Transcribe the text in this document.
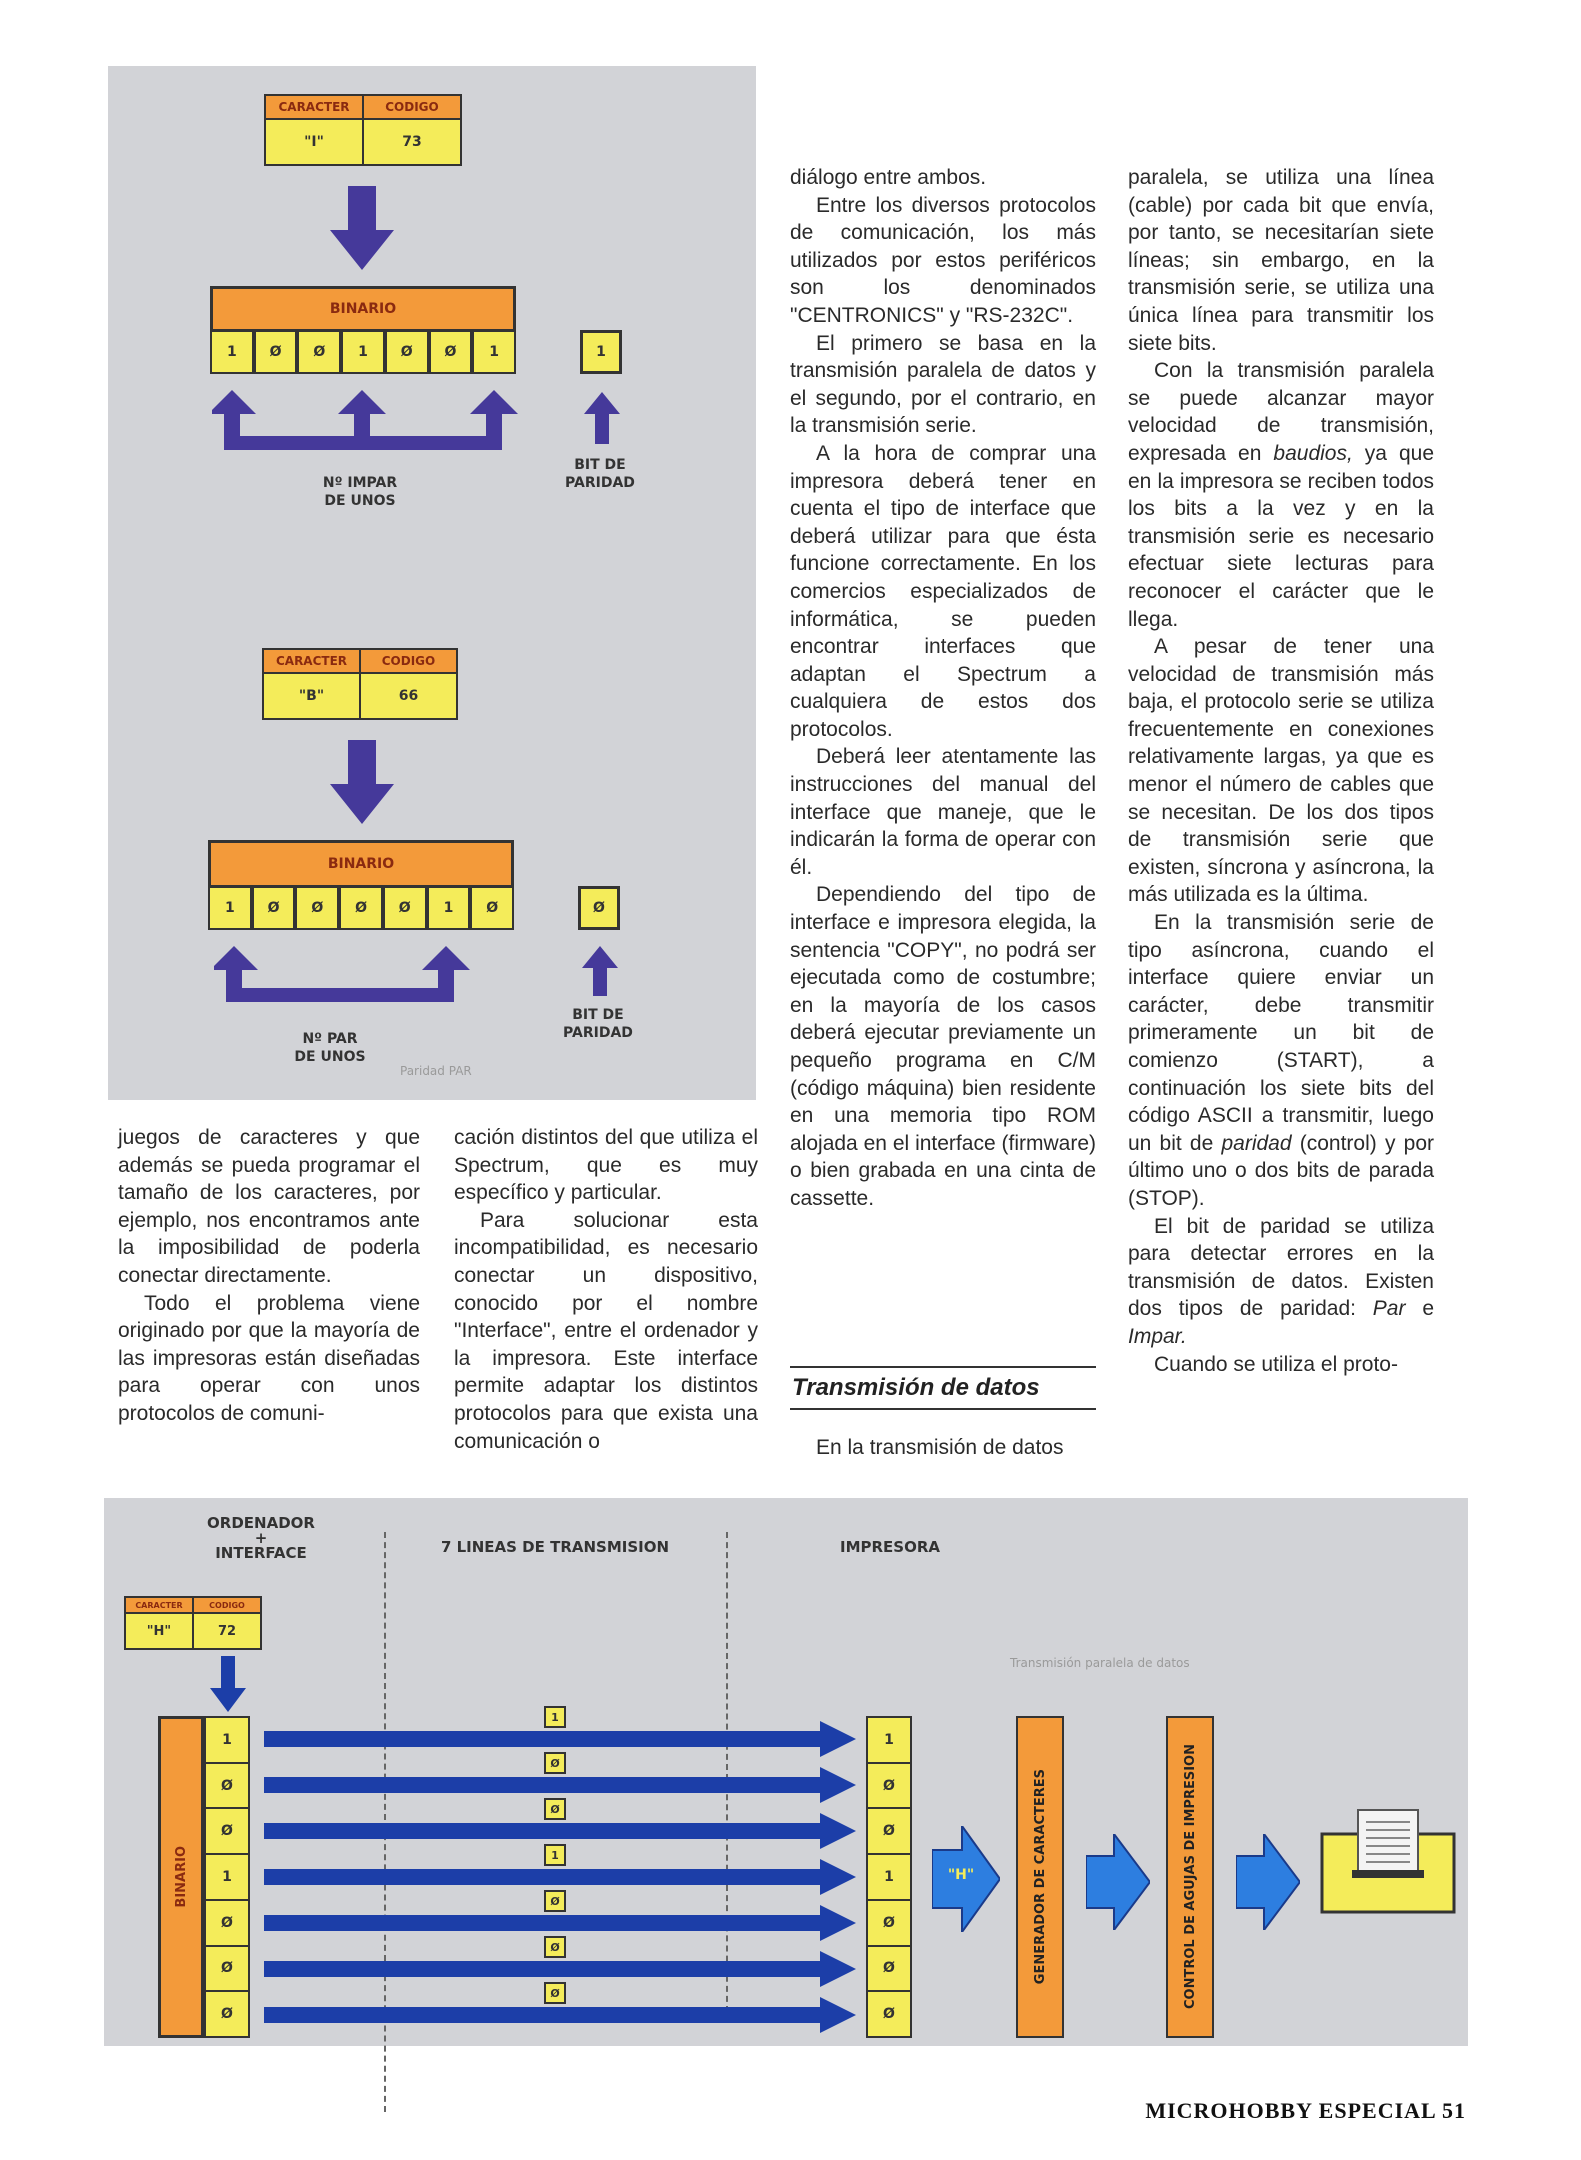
CARACTER	CODIGO
"I"	73
BINARIO
1	Ø	Ø	1	Ø	Ø	1	1
BIT DE
PARIDAD
Nº IMPAR
DE UNOS
CARACTER	CODIGO
"B"	66
BINARIO
1	Ø	Ø	Ø	Ø	1	Ø	Ø
BIT DE
PARIDAD
Nº PAR
DE UNOS
Paridad PAR

juegos de caracteres y que además se pueda programar el tamaño de los caracteres, por ejemplo, nos encontramos ante la imposibilidad de poderla conectar directamente.

Todo el problema viene originado por que la mayoría de las impresoras están diseñadas para operar con unos protocolos de comuni-

cación distintos del que utiliza el Spectrum, que es muy específico y particular.

Para solucionar esta incompatibilidad, es necesario conectar un dispositivo, conocido por el nombre "Interface", entre el ordenador y la impresora. Este interface permite adaptar los distintos protocolos para que exista una comunicación o

diálogo entre ambos.

Entre los diversos protocolos de comunicación, los más utilizados por estos periféricos son los denominados "CENTRONICS" y "RS-232C".

El primero se basa en la transmisión paralela de datos y el segundo, por el contrario, en la transmisión serie.

A la hora de comprar una impresora deberá tener en cuenta el tipo de interface que deberá utilizar para que ésta funcione correctamente. En los comercios especializados de informática, se pueden encontrar interfaces que adaptan el Spectrum a cualquiera de estos dos protocolos.

Deberá leer atentamente las instrucciones del manual del interface que maneje, que le indicarán la forma de operar con él.

Dependiendo del tipo de interface e impresora elegida, la sentencia "COPY", no podrá ser ejecutada como de costumbre; en la mayoría de los casos deberá ejecutar previamente un pequeño programa en C/M (código máquina) bien residente en una memoria tipo ROM alojada en el interface (firmware) o bien grabada en una cinta de cassette.

Transmisión de datos

En la transmisión de datos

paralela, se utiliza una línea (cable) por cada bit que envía, por tanto, se necesitarían siete líneas; sin embargo, en la transmisión serie, se utiliza una única línea para transmitir los siete bits.

Con la transmisión paralela se puede alcanzar mayor velocidad de transmisión, expresada en baudios, ya que en la impresora se reciben todos los bits a la vez y en la transmisión serie es necesario efectuar siete lecturas para reconocer el carácter que le llega.

A pesar de tener una velocidad de transmisión más baja, el protocolo serie se utiliza frecuentemente en conexiones relativamente largas, ya que es menor el número de cables que se necesitan. De los dos tipos de transmisión serie que existen, síncrona y asíncrona, la más utilizada es la última.

En la transmisión serie de tipo asíncrona, cuando el interface quiere enviar un carácter, debe transmitir primeramente un bit de comienzo (START), a continuación los siete bits del código ASCII a transmitir, luego un bit de paridad (control) y por último uno o dos bits de parada (STOP).

El bit de paridad se utiliza para detectar errores en la transmisión de datos. Existen dos tipos de paridad: Par e Impar.

Cuando se utiliza el proto-

ORDENADOR
+
INTERFACE	7 LINEAS DE TRANSMISION	IMPRESORA
CARACTER	CODIGO
"H"	72
BINARIO
1
Ø
Ø
1
Ø
Ø
Ø
1
Ø
Ø
1
Ø
Ø
Ø
Transmisión paralela de datos
1
Ø
Ø
1
Ø
Ø
Ø
"H"	GENERADOR DE CARACTERES	CONTROL DE AGUJAS DE IMPRESION
MICROHOBBY ESPECIAL 51
